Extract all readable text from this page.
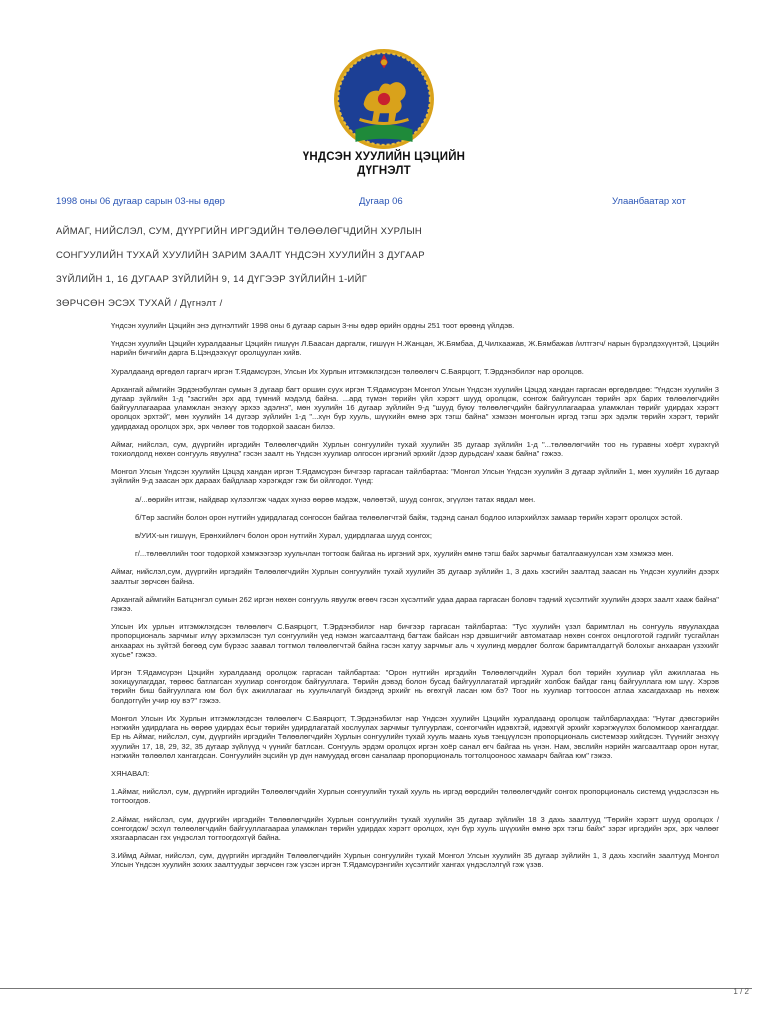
ҮНДСЭН ХУУЛИЙН ЦЭЦИЙН
ДҮГНЭЛТ
1998 оны 06 дугаар сарын 03-ны өдөр	Дугаар 06	Улаанбаатар хот
АЙМАГ, НИЙСЛЭЛ, СУМ, ДҮҮРГИЙН ИРГЭДИЙН ТӨЛӨӨЛӨГЧДИЙН ХУРЛЫН
СОНГУУЛИЙН ТУХАЙ ХУУЛИЙН ЗАРИМ ЗААЛТ ҮНДСЭН ХУУЛИЙН 3 ДУГААР
ЗҮЙЛИЙН 1, 16 ДУГААР ЗҮЙЛИЙН 9, 14 ДҮГЭЭР ЗҮЙЛИЙН 1-ИЙГ
ЗӨРЧСӨН ЭСЭХ ТУХАЙ / Дүгнэлт /

Үндсэн хуулийн Цэцийн энэ дүгнэлтийг 1998 оны 6 дугаар сарын 3-ны өдөр өрийн ордны 251 тоот өрөөнд үйлдэв.

Үндсэн хуулийн Цэцийн хуралдааныг Цэцийн гишүүн Л.Баасан даргалж, гишүүн Н.Жанцан, Ж.Бямбаа, Д.Чилхаажав, Ж.Бямбажав /илтгэгч/ нарын бүрэлдэхүүнтэй, Цэцийн нарийн бичгийн дарга Б.Цэндээхүүг оролцуулан хийв.

Хуралдаанд өргөдөл гаргагч иргэн Т.Ядамсүрэн, Улсын Их Хурлын итгэмжлэгдсэн төлөөлөгч С.Баярцогт, Т.Эрдэнэбилэг нар оролцов.

Архангай аймгийн Эрдэнэбулган сумын 3 дугаар багт оршин суух иргэн Т.Ядамсүрэн Монгол Улсын Үндсэн хуулийн Цэцэд хандан гаргасан өргөдөлдөө: "Үндсэн хуулийн 3 дугаар зүйлийн 1-д "засгийн эрх ард түмний мэдэлд байна. ...ард түмэн төрийн үйл хэрэгт шууд оролцож, сонгож байгуулсан төрийн эрх барих төлөөлөгчдийн байгууллагаараа уламжлан энэхүү эрхээ эдэлнэ", мөн хуулийн 16 дугаар зүйлийн 9-д "шууд буюу төлөөлөгчдийн байгууллагаараа уламжлан төрийг удирдах хэрэгт оролцох эрхтэй", мөн хуулийн 14 дүгээр зүйлийн 1-д "...хүн бүр хууль, шүүхийн өмнө эрх тэгш байна" хэмээн монголын иргэд тэгш эрх эдэлж төрийн хэрэгт, төрийг удирдахад оролцох эрх, эрх чөлөөг тов тодорхой заасан билээ.

Аймаг, нийслэл, сум, дүүргийн иргэдийн Төлөөлөгчдийн Хурлын сонгуулийн тухай хуулийн 35 дугаар зүйлийн 1-д "...төлөөлөгчийн тоо нь гуравны хоёрт хүрэхгүй тохиолдолд нөхөн сонгууль явуулна" гэсэн заалт нь Үндсэн хуулиар олгосон иргэний эрхийг /дээр дурьдсан/ хааж байна" гэжээ.

Монгол Улсын Үндсэн хуулийн Цэцэд хандан иргэн Т.Ядамсүрэн бичгээр гаргасан тайлбартаа: "Монгол Улсын Үндсэн хуулийн 3 дугаар зүйлийн 1, мөн хуулийн 16 дугаар зүйлийн 9-д заасан эрх дараах байдлаар хэрэгждэг гэж би ойлгодог. Үүнд:

а/...өөрийн итгэж, найдвар хүлээлгэж чадах хүнээ өөрөө мэдэж, чөлөөтэй, шууд сонгох, эгүүлэн татах явдал мөн.

б/Төр засгийн болон орон нутгийн удирдлагад сонгосон байгаа төлөөлөгчтэй байж, тэдэнд санал бодлоо илэрхийлэх замаар төрийн хэрэгт оролцох эстой.

в/УИХ-ын гишүүн, Ерөнхийлөгч болон орон нутгийн Хурал, удирдлагаа шууд сонгох;

г/...төлөөллийн тоог тодорхой хэмжээгээр хуульчлан тогтоож байгаа нь иргэний эрх, хуулийн өмнө тэгш байх зарчмыг баталгаажуулсан хэм хэмжээ мөн.

Аймаг, нийслэл,сум, дүүргийн иргэдийн Төлөөлөгчдийн Хурлын сонгуулийн тухай хуулийн 35 дугаар зүйлийн 1, 3 дахь хэсгийн заалтад заасан нь Үндсэн хуулийн дээрх заалтыг зөрчсөн байна.

Архангай аймгийн Батцэнгэл сумын 262 иргэн нөхөн сонгууль явуулж өгөөч гэсэн хүсэлтийг удаа дараа гаргасан боловч тэдний хүсэлтийг хуулийн дээрх заалт хааж байна" гэжээ.

Улсын Их урлын итгэмжлэгдсэн төлөөлөгч С.Баярцогт, Т.Эрдэнэбилэг нар бичгээр гаргасан тайлбартаа: "Тус хуулийн үзэл баримтлал нь сонгууль явуулахдаа пропорциональ зарчмыг илүү эрхэмлэсэн тул сонгуулийн үед нэмэн жагсаалтанд багтаж байсан нэр дэвшигчийг автоматаар нөхөн сонгох онцлоготой гэдгийг тусгайлан анхаарах нь зүйтэй бөгөөд сум бүрээс заавал тогтмол төлөөлөгчтэй байна гэсэн хатуу зарчмыг аль ч хуулинд мөрдлөг болгож баримталдаггүй болохыг анхааран үзэхийг хүсье" гэжээ.

Иргэн Т.Ядамсүрэн Цэцийн хуралдаанд оролцож гаргасан тайлбартаа: "Орон нутгийн иргэдийн Төлөөлөгчдийн Хурал бол төрийн хуулиар үйл ажиллагаа нь зохицуулагддаг, төрөөс батлагсан хуулиар сонгогдож байгууллага. Төрийн дэвэд болон бусад байгууллагатай иргэдийг холбож байдаг ганц байгууллага юм шүү. Хэрэв төрийн биш байгууллага юм бол бүх ажиллагааг нь хуульчлагүй биздэнд эрхийг нь өгөхгүй ласан юм бэ? Тоог нь хуулиар тогтоосон атлаа хасагдахаар нь нөхөж болдоггүйн учир юу вэ?" гэжээ.

Монгол Улсын Их Хурлын итгэмжлэгдсэн төлөөлөгч С.Баярцогт, Т.Эрдэнэбилэг нар Үндсэн хуулийн Цэцийн хуралдаанд оролцож тайлбарлахдаа: "Нутаг дэвсгэрийн нэгжийн удирдлага нь өөрөө удирдах ёсыг төрийн удирдлагатай хослуулах зарчмыг тулгуурлаж, сонгогчийн идэвхтэй, идэвхгүй эрхийг хэрэгжүүлэх боломжоор хангагддаг. Ер нь Аймаг, нийслэл, сум, дүүргийн иргэдийн Төлөөлөгчдийн Хурлын сонгуулийн тухай хууль маань хуьв тэнцүүлсэн пропорциональ системээр хийгдсэн. Түүнийг энэхүү хуулийн 17, 18, 29, 32, 35 дугаар зүйлүүд ч үүнийг батлсан. Сонгууль эрдэм оролцох иргэн хоёр санал өгч байгаа нь үнэн. Нам, эвслийн нэрийн жагсаалтаар орон нутаг, нэгжийн төлөөлөл хангагдсан. Сонгуулийн эцсийн үр дүн намуудад өгсөн саналаар пропорциональ тогтолцооноос хамаарч байгаа юм" гэжээ.

ХЯНАВАЛ:

1.Аймаг, нийслэл, сум, дүүргийн иргэдийн Төлөөлөгчдийн Хурлын сонгуулийн тухай хууль нь иргэд өөрсдийн төлөөлөгчдийг сонгох пропорциональ системд үндэслэсэн нь тогтоогдов.

2.Аймаг, нийслэл, сум, дүүргийн иргэдийн Төлөөлөгчдийн Хурлын сонгуулийн тухай хуулийн 35 дугаар зүйлийн 18 3 дахь заалтууд "Төрийн хэрэгт шууд оролцох /сонгогдож/ эсхүл төлөөлөгчдийн байгууллагаараа уламжлан төрийн удирдах хэрэгт оролцох, хүн бүр хууль шүүхийн өмнө эрх тэгш байх" зэрэг иргэдийн эрх, эрх чөлөөг хязгаарласан гэх үндэслэл тогтоогдохгүй байна.

3.Иймд Аймаг, нийслэл, сум, дүүргийн иргэдийн Төлөөлөгчдийн Хурлын сонгуулийн тухай Монгол Улсын хуулийн 35 дугаар зүйлийн 1, 3 дахь хэсгийн заалтууд Монгол Улсын Үндсэн хуулийн зохих заалтуудыг зөрчсөн гэж үзсэн иргэн Т.Ядамсүрэнгийн хүсэлтийг хангах үндэслэлгүй гэж үзэв.

1 / 2
